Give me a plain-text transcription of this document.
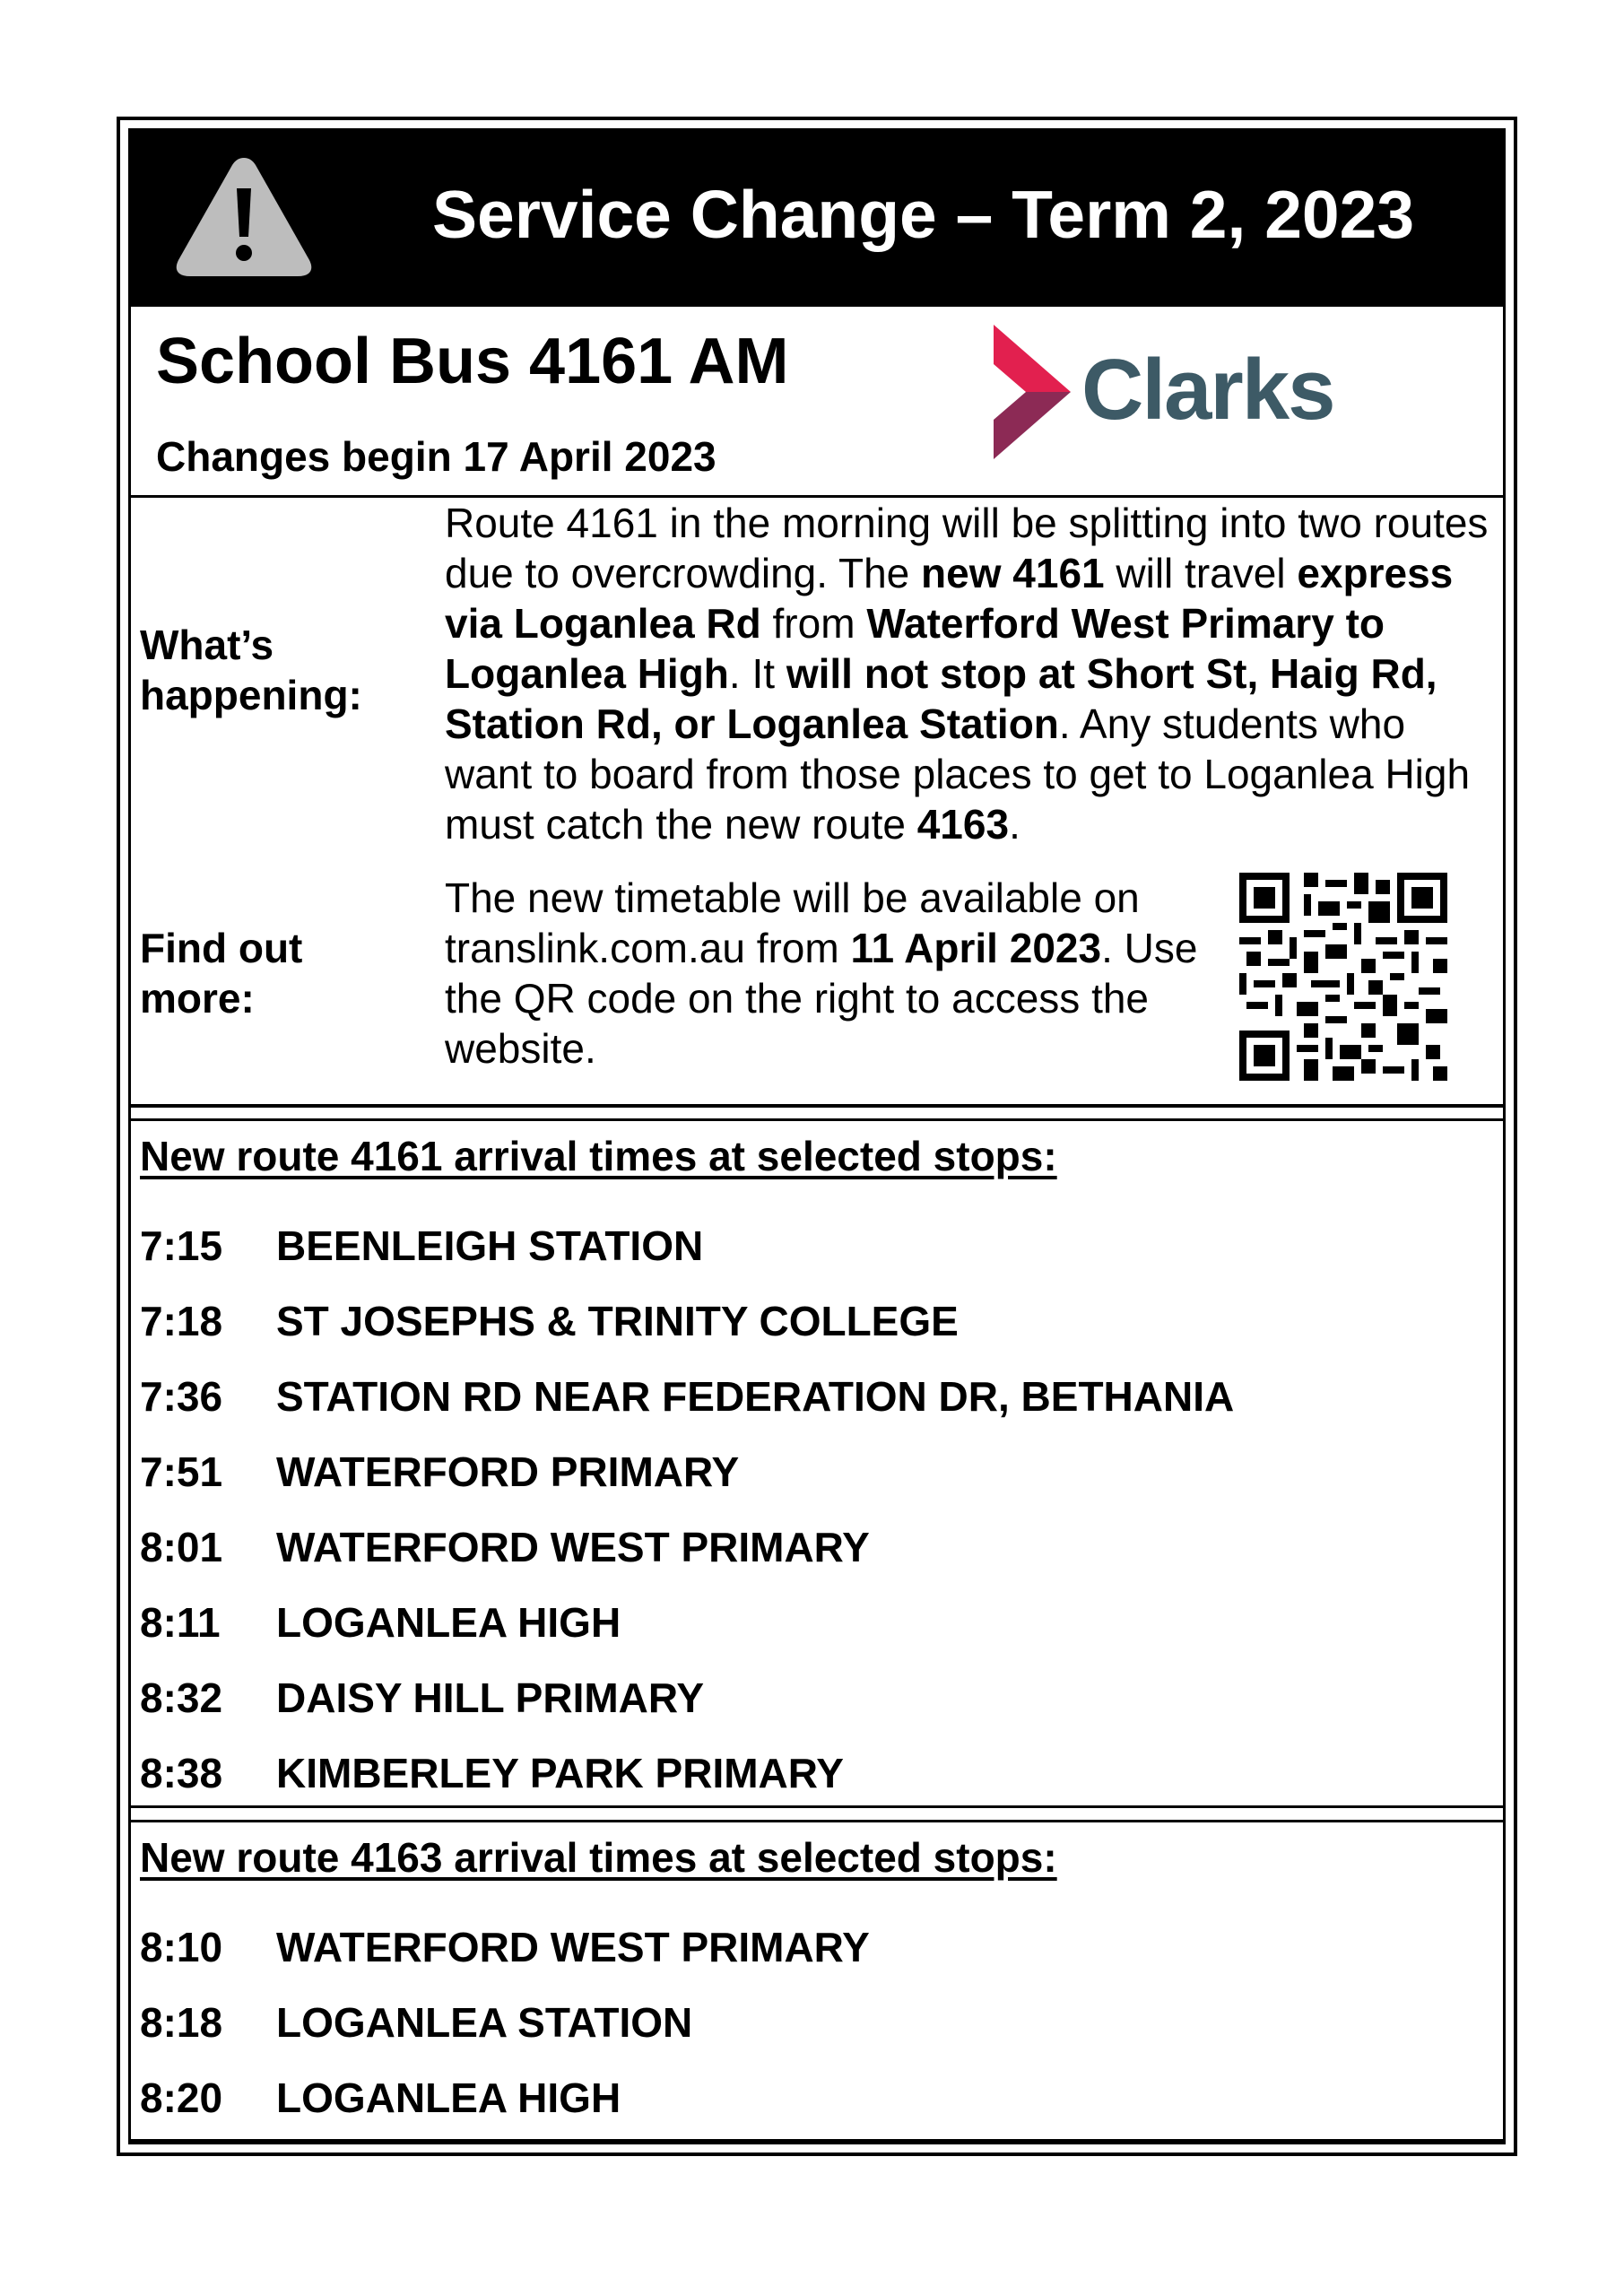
Service Change – Term 2, 2023
School Bus 4161 AM
Changes begin 17 April 2023
Clarks
What’s happening:
Route 4161 in the morning will be splitting into two routes due to overcrowding. The new 4161 will travel express via Loganlea Rd from Waterford West Primary to Loganlea High. It will not stop at Short St, Haig Rd, Station Rd, or Loganlea Station. Any students who want to board from those places to get to Loganlea High must catch the new route 4163.
Find out more:
The new timetable will be available on translink.com.au from 11 April 2023. Use the QR code on the right to access the website.
New route 4161 arrival times at selected stops:
7:15 BEENLEIGH STATION
7:18 ST JOSEPHS & TRINITY COLLEGE
7:36 STATION RD NEAR FEDERATION DR, BETHANIA
7:51 WATERFORD PRIMARY
8:01 WATERFORD WEST PRIMARY
8:11 LOGANLEA HIGH
8:32 DAISY HILL PRIMARY
8:38 KIMBERLEY PARK PRIMARY
New route 4163 arrival times at selected stops:
8:10 WATERFORD WEST PRIMARY
8:18 LOGANLEA STATION
8:20 LOGANLEA HIGH
